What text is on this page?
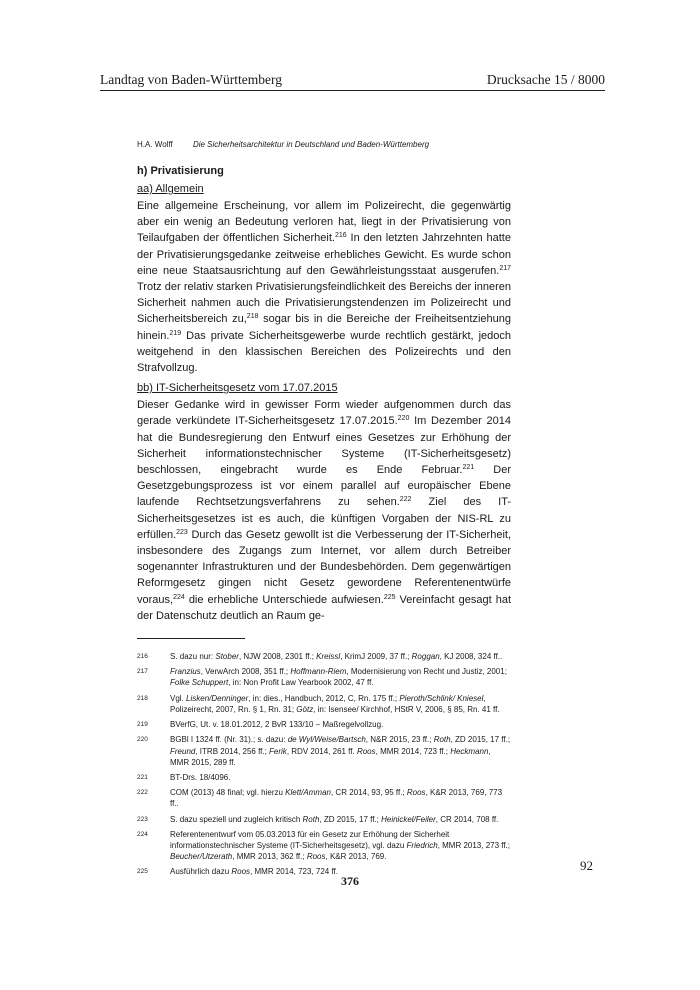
Landtag von Baden-Württemberg	Drucksache 15 / 8000
H.A. Wolff	Die Sicherheitsarchitektur in Deutschland und Baden-Württemberg
h) Privatisierung
aa) Allgemein

Eine allgemeine Erscheinung, vor allem im Polizeirecht, die gegenwärtig aber ein wenig an Bedeutung verloren hat, liegt in der Privatisierung von Teilaufgaben der öffentlichen Sicherheit.$^{216}$ In den letzten Jahrzehnten hatte der Privatisierungsgedanke zeitweise erhebliches Gewicht. Es wurde schon eine neue Staatsausrichtung auf den Gewährleistungsstaat ausgerufen.$^{217}$ Trotz der relativ starken Privatisierungsfeindlichkeit des Bereichs der inneren Sicherheit nahmen auch die Privatisierungstendenzen im Polizeirecht und Sicherheitsbereich zu,$^{218}$ sogar bis in die Bereiche der Freiheitsentziehung hinein.$^{219}$ Das private Sicherheitsgewerbe wurde rechtlich gestärkt, jedoch weitgehend in den klassischen Bereichen des Polizeirechts und den Strafvollzug.

bb) IT-Sicherheitsgesetz vom 17.07.2015

Dieser Gedanke wird in gewisser Form wieder aufgenommen durch das gerade verkündete IT-Sicherheitsgesetz 17.07.2015.$^{220}$ Im Dezember 2014 hat die Bundesregierung den Entwurf eines Gesetzes zur Erhöhung der Sicherheit informationstechnischer Systeme (IT-Sicherheitsgesetz) beschlossen, eingebracht wurde es Ende Februar.$^{221}$ Der Gesetzgebungsprozess ist vor einem parallel auf europäischer Ebene laufende Rechtsetzungsverfahrens zu sehen.$^{222}$ Ziel des IT-Sicherheitsgesetzes ist es auch, die künftigen Vorgaben der NIS-RL zu erfüllen.$^{223}$ Durch das Gesetz gewollt ist die Verbesserung der IT-Sicherheit, insbesondere des Zugangs zum Internet, vor allem durch Betreiber sogenannter Infrastrukturen und der Bundesbehörden. Dem gegenwärtigen Reformgesetz gingen nicht Gesetz gewordene Referentenentwürfe voraus,$^{224}$ die erhebliche Unterschiede aufwiesen.$^{225}$ Vereinfacht gesagt hat der Datenschutz deutlich an Raum ge-

216	S. dazu nur: Stober, NJW 2008, 2301 ff.; Kreissl, KrimJ 2009, 37 ff.; Roggan, KJ 2008, 324 ff..
217	Franzius, VerwArch 2008, 351 ff.; Hoffmann-Riem, Modernisierung von Recht und Justiz, 2001; Folke Schuppert, in: Non Profit Law Yearbook 2002, 47 ff.
218	Vgl. Lisken/Denninger, in: dies., Handbuch, 2012, C, Rn. 175 ff.; Pieroth/Schlink/ Kniesel, Polizeirecht, 2007, Rn. § 1, Rn. 31; Götz, in: Isensee/ Kirchhof, HStR V, 2006, § 85, Rn. 41 ff.
219	BVerfG, Ut. v. 18.01.2012, 2 BvR 133/10 – Maßregelvollzug.
220	BGBl I 1324 ff. (Nr. 31).; s. dazu: de Wyl/Weise/Bartsch, N&R 2015, 23 ff.; Roth, ZD 2015, 17 ff.; Freund, ITRB 2014, 256 ff.; Ferik, RDV 2014, 261 ff. Roos, MMR 2014, 723 ff.; Heckmann, MMR 2015, 289 ff.
221	BT-Drs. 18/4096.
222	COM (2013) 48 final; vgl. hierzu Klett/Amman, CR 2014, 93, 95 ff.; Roos, K&R 2013, 769, 773 ff..
223	S. dazu speziell und zugleich kritisch Roth, ZD 2015, 17 ff.; Heinickel/Feiler, CR 2014, 708 ff.
224	Referentenentwurf vom 05.03.2013 für ein Gesetz zur Erhöhung der Sicherheit informationstechnischer Systeme (IT-Sicherheitsgesetz), vgl. dazu Friedrich, MMR 2013, 273 ff.; Beucher/Utzerath, MMR 2013, 362 ff.; Roos, K&R 2013, 769.
225	Ausführlich dazu Roos, MMR 2014, 723, 724 ff.	92
376
